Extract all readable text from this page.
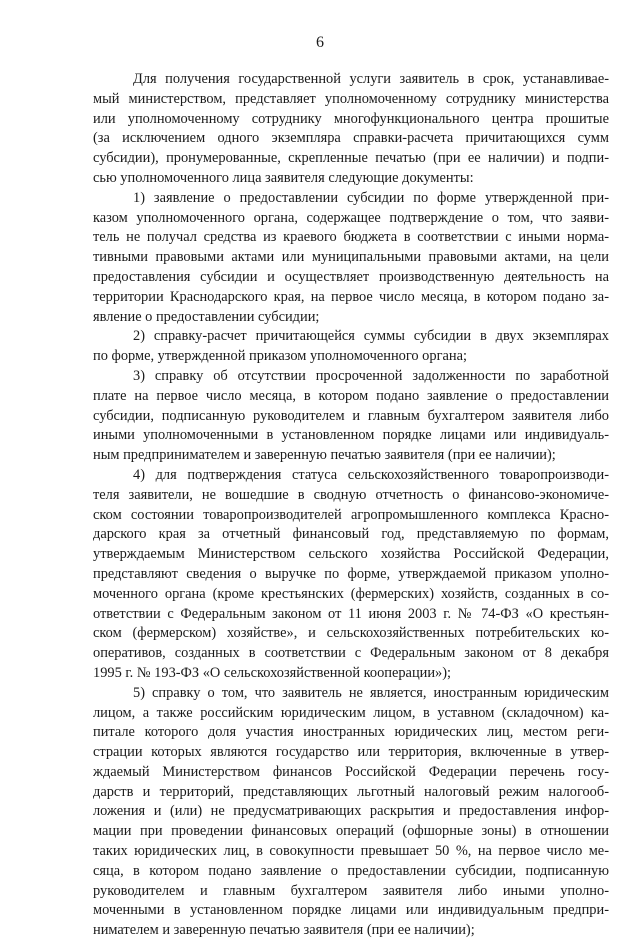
6
Для получения государственной услуги заявитель в срок, устанавливае-
мый министерством, представляет уполномоченному сотруднику министерства
или уполномоченному сотруднику многофункционального центра прошитые
(за исключением одного экземпляра справки-расчета причитающихся сумм
субсидии), пронумерованные, скрепленные печатью (при ее наличии) и подпи-
сью уполномоченного лица заявителя следующие документы:
1) заявление о предоставлении субсидии по форме утвержденной при-
казом уполномоченного органа, содержащее подтверждение о том, что заяви-
тель не получал средства из краевого бюджета в соответствии с иными норма-
тивными правовыми актами или муниципальными правовыми актами, на цели
предоставления субсидии и осуществляет производственную деятельность на
территории Краснодарского края, на первое число месяца, в котором подано за-
явление о предоставлении субсидии;
2) справку-расчет причитающейся суммы субсидии в двух экземплярах
по форме, утвержденной приказом уполномоченного органа;
3) справку об отсутствии просроченной задолженности по заработной
плате на первое число месяца, в котором подано заявление о предоставлении
субсидии, подписанную руководителем и главным бухгалтером заявителя либо
иными уполномоченными в установленном порядке лицами или индивидуаль-
ным предпринимателем и заверенную печатью заявителя (при ее наличии);
4) для подтверждения статуса сельскохозяйственного товаропроизводи-
теля заявители, не вошедшие в сводную отчетность о финансово-экономиче-
ском состоянии товаропроизводителей агропромышленного комплекса Красно-
дарского края за отчетный финансовый год, представляемую по формам,
утверждаемым Министерством сельского хозяйства Российской Федерации,
представляют сведения о выручке по форме, утверждаемой приказом уполно-
моченного органа (кроме крестьянских (фермерских) хозяйств, созданных в со-
ответствии с Федеральным законом от 11 июня 2003 г. № 74-ФЗ «О крестьян-
ском (фермерском) хозяйстве», и сельскохозяйственных потребительских ко-
оперативов, созданных в соответствии с Федеральным законом от 8 декабря
1995 г. № 193-ФЗ «О сельскохозяйственной кооперации»);
5) справку о том, что заявитель не является, иностранным юридическим
лицом, а также российским юридическим лицом, в уставном (складочном) ка-
питале которого доля участия иностранных юридических лиц, местом реги-
страции которых являются государство или территория, включенные в утвер-
ждаемый Министерством финансов Российской Федерации перечень госу-
дарств и территорий, представляющих льготный налоговый режим налогооб-
ложения и (или) не предусматривающих раскрытия и предоставления инфор-
мации при проведении финансовых операций (офшорные зоны) в отношении
таких юридических лиц, в совокупности превышает 50 %, на первое число ме-
сяца, в котором подано заявление о предоставлении субсидии, подписанную
руководителем и главным бухгалтером заявителя либо иными уполно-
моченными в установленном порядке лицами или индивидуальным предпри-
нимателем и заверенную печатью заявителя (при ее наличии);
